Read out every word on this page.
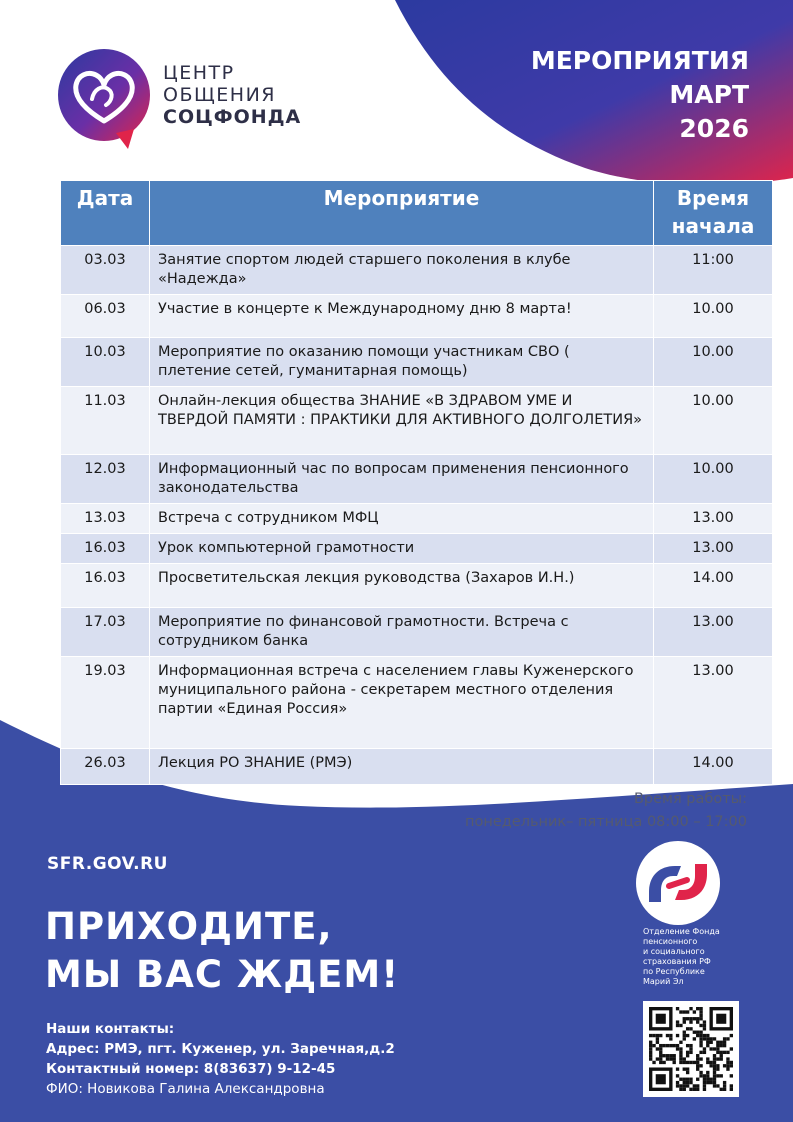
ЦЕНТР
ОБЩЕНИЯ
СОЦФОНДА
МЕРОПРИЯТИЯ
МАРТ
2026
Дата	Мероприятие	Время начала
03.03	Занятие спортом людей старшего поколения в клубе «Надежда»	11:00
06.03	Участие в концерте к Международному дню 8 марта!	10.00
10.03	Мероприятие по оказанию помощи участникам СВО ( плетение сетей, гуманитарная помощь)	10.00
11.03	Онлайн-лекция общества ЗНАНИЕ «В ЗДРАВОМ УМЕ И ТВЕРДОЙ ПАМЯТИ : ПРАКТИКИ ДЛЯ АКТИВНОГО ДОЛГОЛЕТИЯ»	10.00
12.03	Информационный час по вопросам применения пенсионного законодательства	10.00
13.03	Встреча с сотрудником МФЦ	13.00
16.03	Урок компьютерной грамотности	13.00
16.03	Просветительская лекция руководства (Захаров И.Н.)	14.00
17.03	Мероприятие по финансовой грамотности. Встреча с сотрудником банка	13.00
19.03	Информационная встреча с населением главы Куженерского муниципального района - секретарем местного отделения партии «Единая Россия»	13.00
26.03	Лекция РО ЗНАНИЕ (РМЭ)	14.00
Время работы:
понедельник– пятница 08:00 – 17:00
SFR.GOV.RU
ПРИХОДИТЕ,
МЫ ВАС ЖДЕМ!
Наши контакты:
Адрес: РМЭ, пгт. Куженер, ул. Заречная,д.2
Контактный номер: 8(83637) 9-12-45
ФИО: Новикова Галина Александровна
Отделение Фонда
пенсионного
и социального
страхования РФ
по Республике
Марий Эл
